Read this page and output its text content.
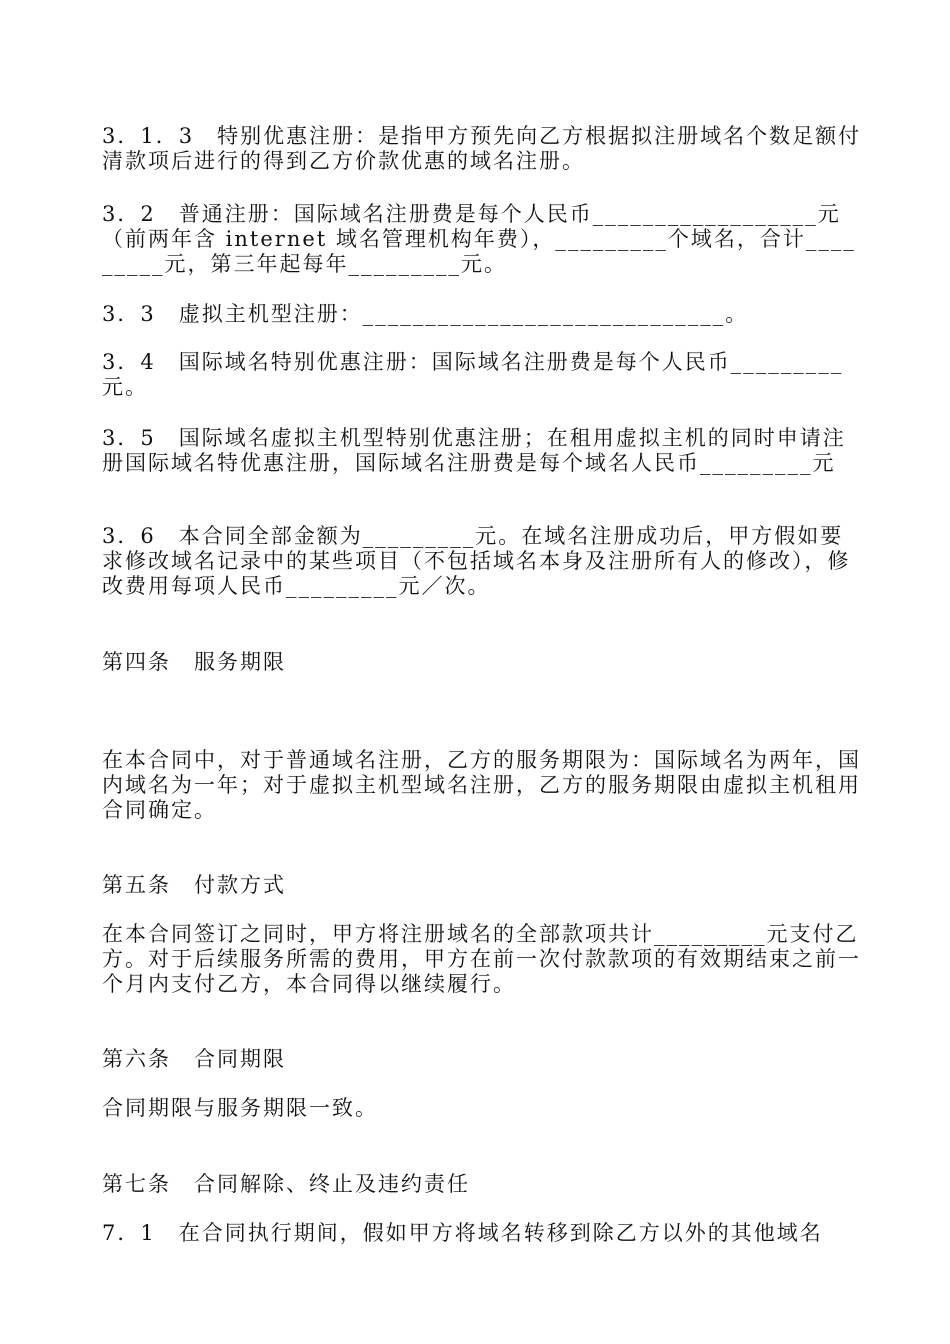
3．1．3　特别优惠注册：是指甲方预先向乙方根据拟注册域名个数足额付清款项后进行的得到乙方价款优惠的域名注册。
3．2　普通注册：国际域名注册费是每个人民币__________________元（前两年含 internet 域名管理机构年费），_________个域名，合计_________元，第三年起每年_________元。
3．3　虚拟主机型注册：_____________________________。
3．4　国际域名特别优惠注册：国际域名注册费是每个人民币_________元。
3．5　国际域名虚拟主机型特别优惠注册；在租用虚拟主机的同时申请注册国际域名特优惠注册，国际域名注册费是每个域名人民币_________元
3．6　本合同全部金额为_________元。在域名注册成功后，甲方假如要求修改域名记录中的某些项目（不包括域名本身及注册所有人的修改），修改费用每项人民币_________元／次。
第四条　服务期限
在本合同中，对于普通域名注册，乙方的服务期限为：国际域名为两年，国内域名为一年；对于虚拟主机型域名注册，乙方的服务期限由虚拟主机租用合同确定。
第五条　付款方式
在本合同签订之同时，甲方将注册域名的全部款项共计_________元支付乙方。对于后续服务所需的费用，甲方在前一次付款款项的有效期结束之前一个月内支付乙方，本合同得以继续履行。
第六条　合同期限
合同期限与服务期限一致。
第七条　合同解除、终止及违约责任
7．1　在合同执行期间，假如甲方将域名转移到除乙方以外的其他域名
